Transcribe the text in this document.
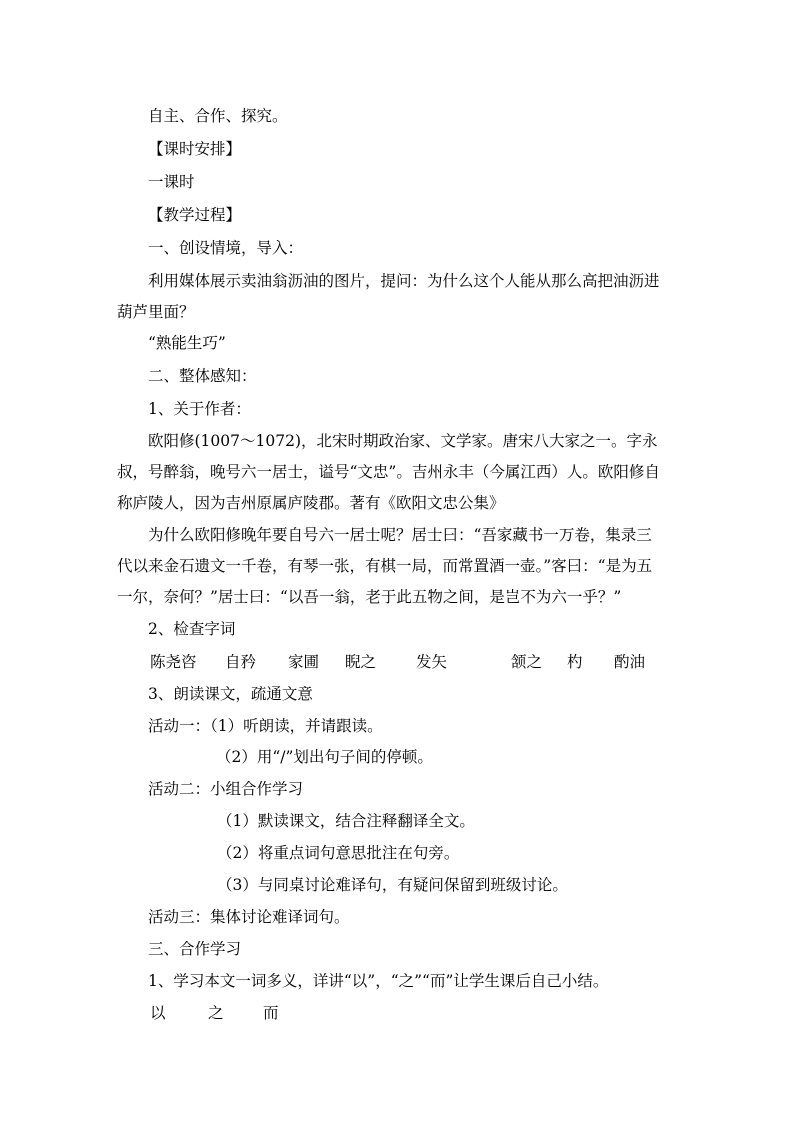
自主、合作、探究。
【课时安排】
一课时
【教学过程】
一、创设情境，导入：
利用媒体展示卖油翁沥油的图片，提问：为什么这个人能从那么高把油沥进
葫芦里面？
“熟能生巧”
二、整体感知：
1、关于作者：
欧阳修(1007～1072)，北宋时期政治家、文学家。唐宋八大家之一。字永
叔，号醉翁，晚号六一居士，谥号“文忠”。吉州永丰（今属江西）人。欧阳修自
称庐陵人，因为吉州原属庐陵郡。著有《欧阳文忠公集》
为什么欧阳修晚年要自号六一居士呢？居士曰：“吾家藏书一万卷，集录三
代以来金石遗文一千卷，有琴一张，有棋一局，而常置酒一壶。”客曰：“是为五
一尔，奈何？”居士曰：“以吾一翁，老于此五物之间，是岂不为六一乎？”
2、检查字词
陈尧咨 自矜 家圃 睨之	发矢	颔之 杓 酌油
3、朗读课文，疏通文意
活动一：（1）听朗读，并请跟读。
（2）用“/”划出句子间的停顿。
活动二：小组合作学习
（1）默读课文，结合注释翻译全文。
（2）将重点词句意思批注在句旁。
（3）与同桌讨论难译句，有疑问保留到班级讨论。
活动三：集体讨论难译词句。
三、合作学习
1、学习本文一词多义，详讲“以”，“之”“而”让学生课后自己小结。
以	之	而
